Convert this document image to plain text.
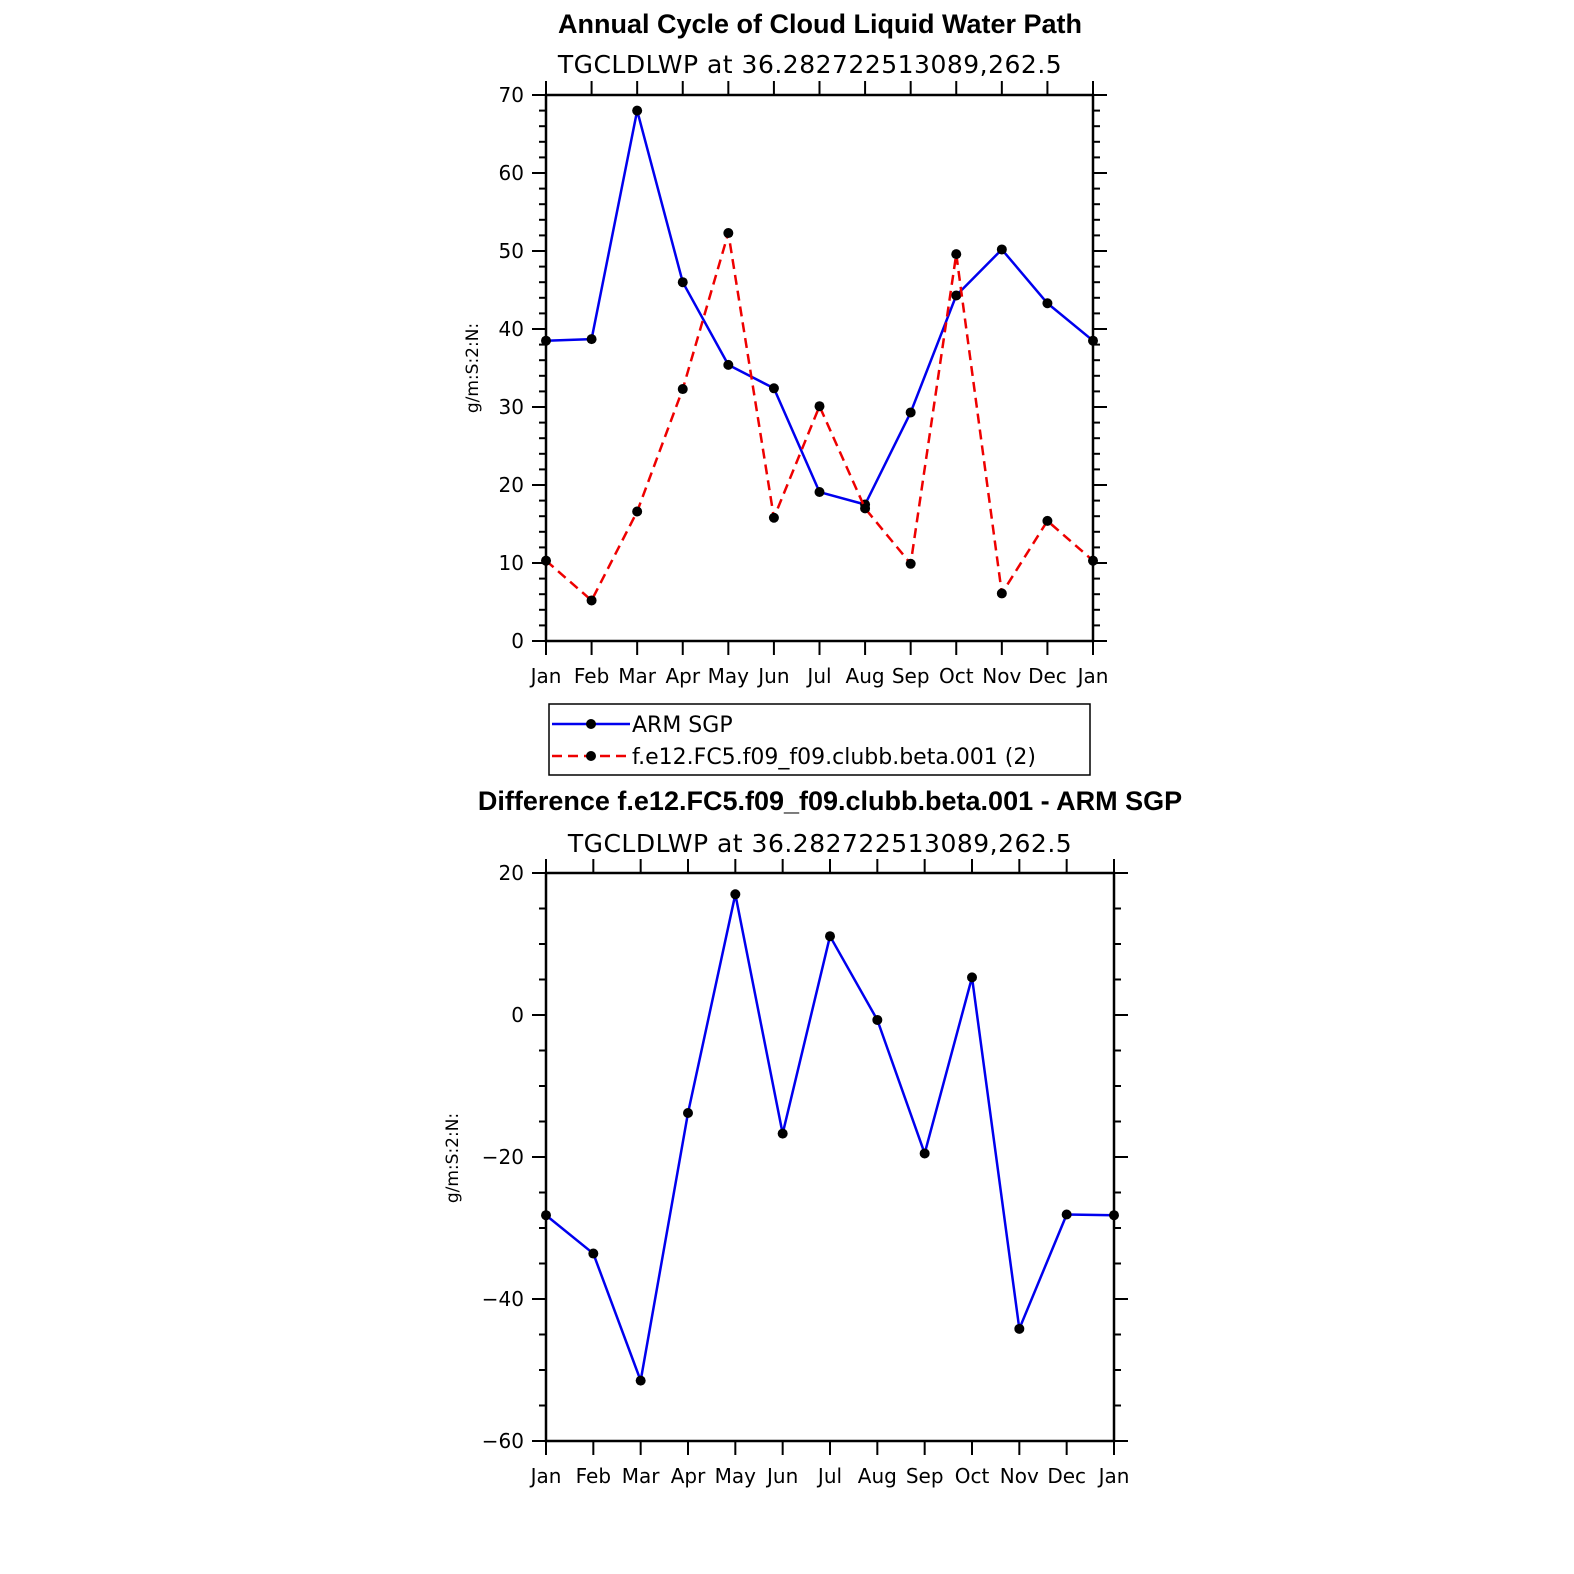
Annual Cycle of Cloud Liquid Water Path
TGCLDLWP at 36.282722513089,262.5
g/m:S:2:N:
0
10
20
30
40
50
60
70
Jan Feb Mar Apr May Jun Jul Aug Sep Oct Nov Dec Jan
ARM SGP
f.e12.FC5.f09_f09.clubb.beta.001 (2)
Difference f.e12.FC5.f09_f09.clubb.beta.001 - ARM SGP
TGCLDLWP at 36.282722513089,262.5
g/m:S:2:N:
−60
−40
−20
0
20
Jan Feb Mar Apr May Jun Jul Aug Sep Oct Nov Dec Jan
